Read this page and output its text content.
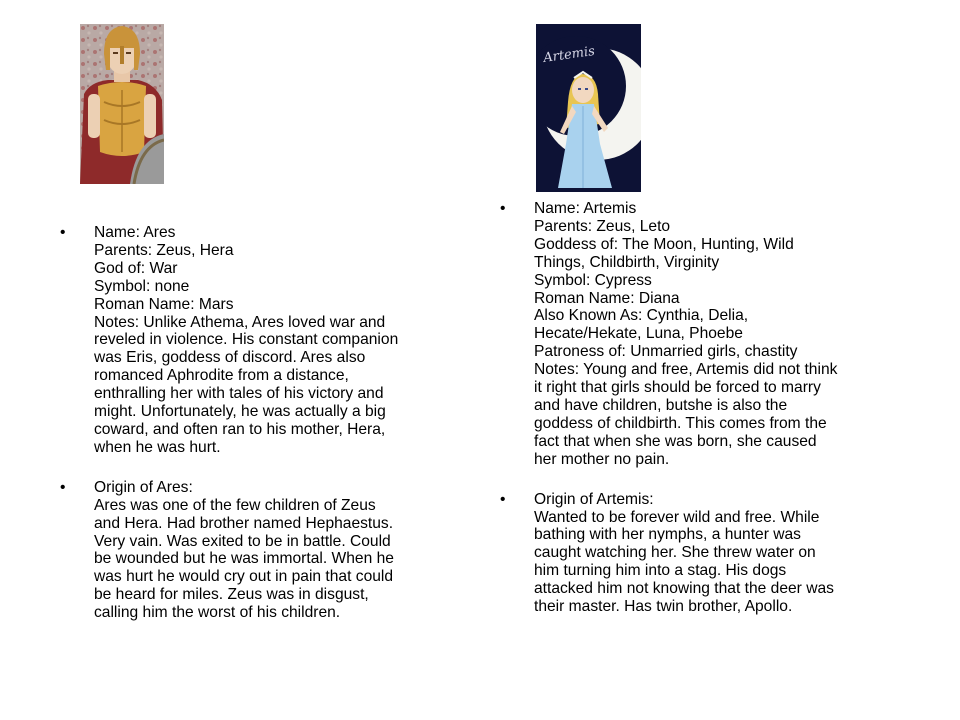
Artemis
• Name: Ares
Parents: Zeus, Hera
God of: War
Symbol: none
Roman Name: Mars
Notes: Unlike Athema, Ares loved war and
reveled in violence. His constant companion
was Eris, goddess of discord. Ares also
romanced Aphrodite from a distance,
enthralling her with tales of his victory and
might. Unfortunately, he was actually a big
coward, and often ran to his mother, Hera,
when he was hurt.
• Origin of Ares:
Ares was one of the few children of Zeus
and Hera. Had brother named Hephaestus.
Very vain. Was exited to be in battle. Could
be wounded but he was immortal. When he
was hurt he would cry out in pain that could
be heard for miles. Zeus was in disgust,
calling him the worst of his children.
• Name: Artemis
Parents: Zeus, Leto
Goddess of: The Moon, Hunting, Wild
Things, Childbirth, Virginity
Symbol: Cypress
Roman Name: Diana
Also Known As: Cynthia, Delia,
Hecate/Hekate, Luna, Phoebe
Patroness of: Unmarried girls, chastity
Notes: Young and free, Artemis did not think
it right that girls should be forced to marry
and have children, butshe is also the
goddess of childbirth. This comes from the
fact that when she was born, she caused
her mother no pain.
• Origin of Artemis:
Wanted to be forever wild and free. While
bathing with her nymphs, a hunter was
caught watching her. She threw water on
him turning him into a stag. His dogs
attacked him not knowing that the deer was
their master. Has twin brother, Apollo.
